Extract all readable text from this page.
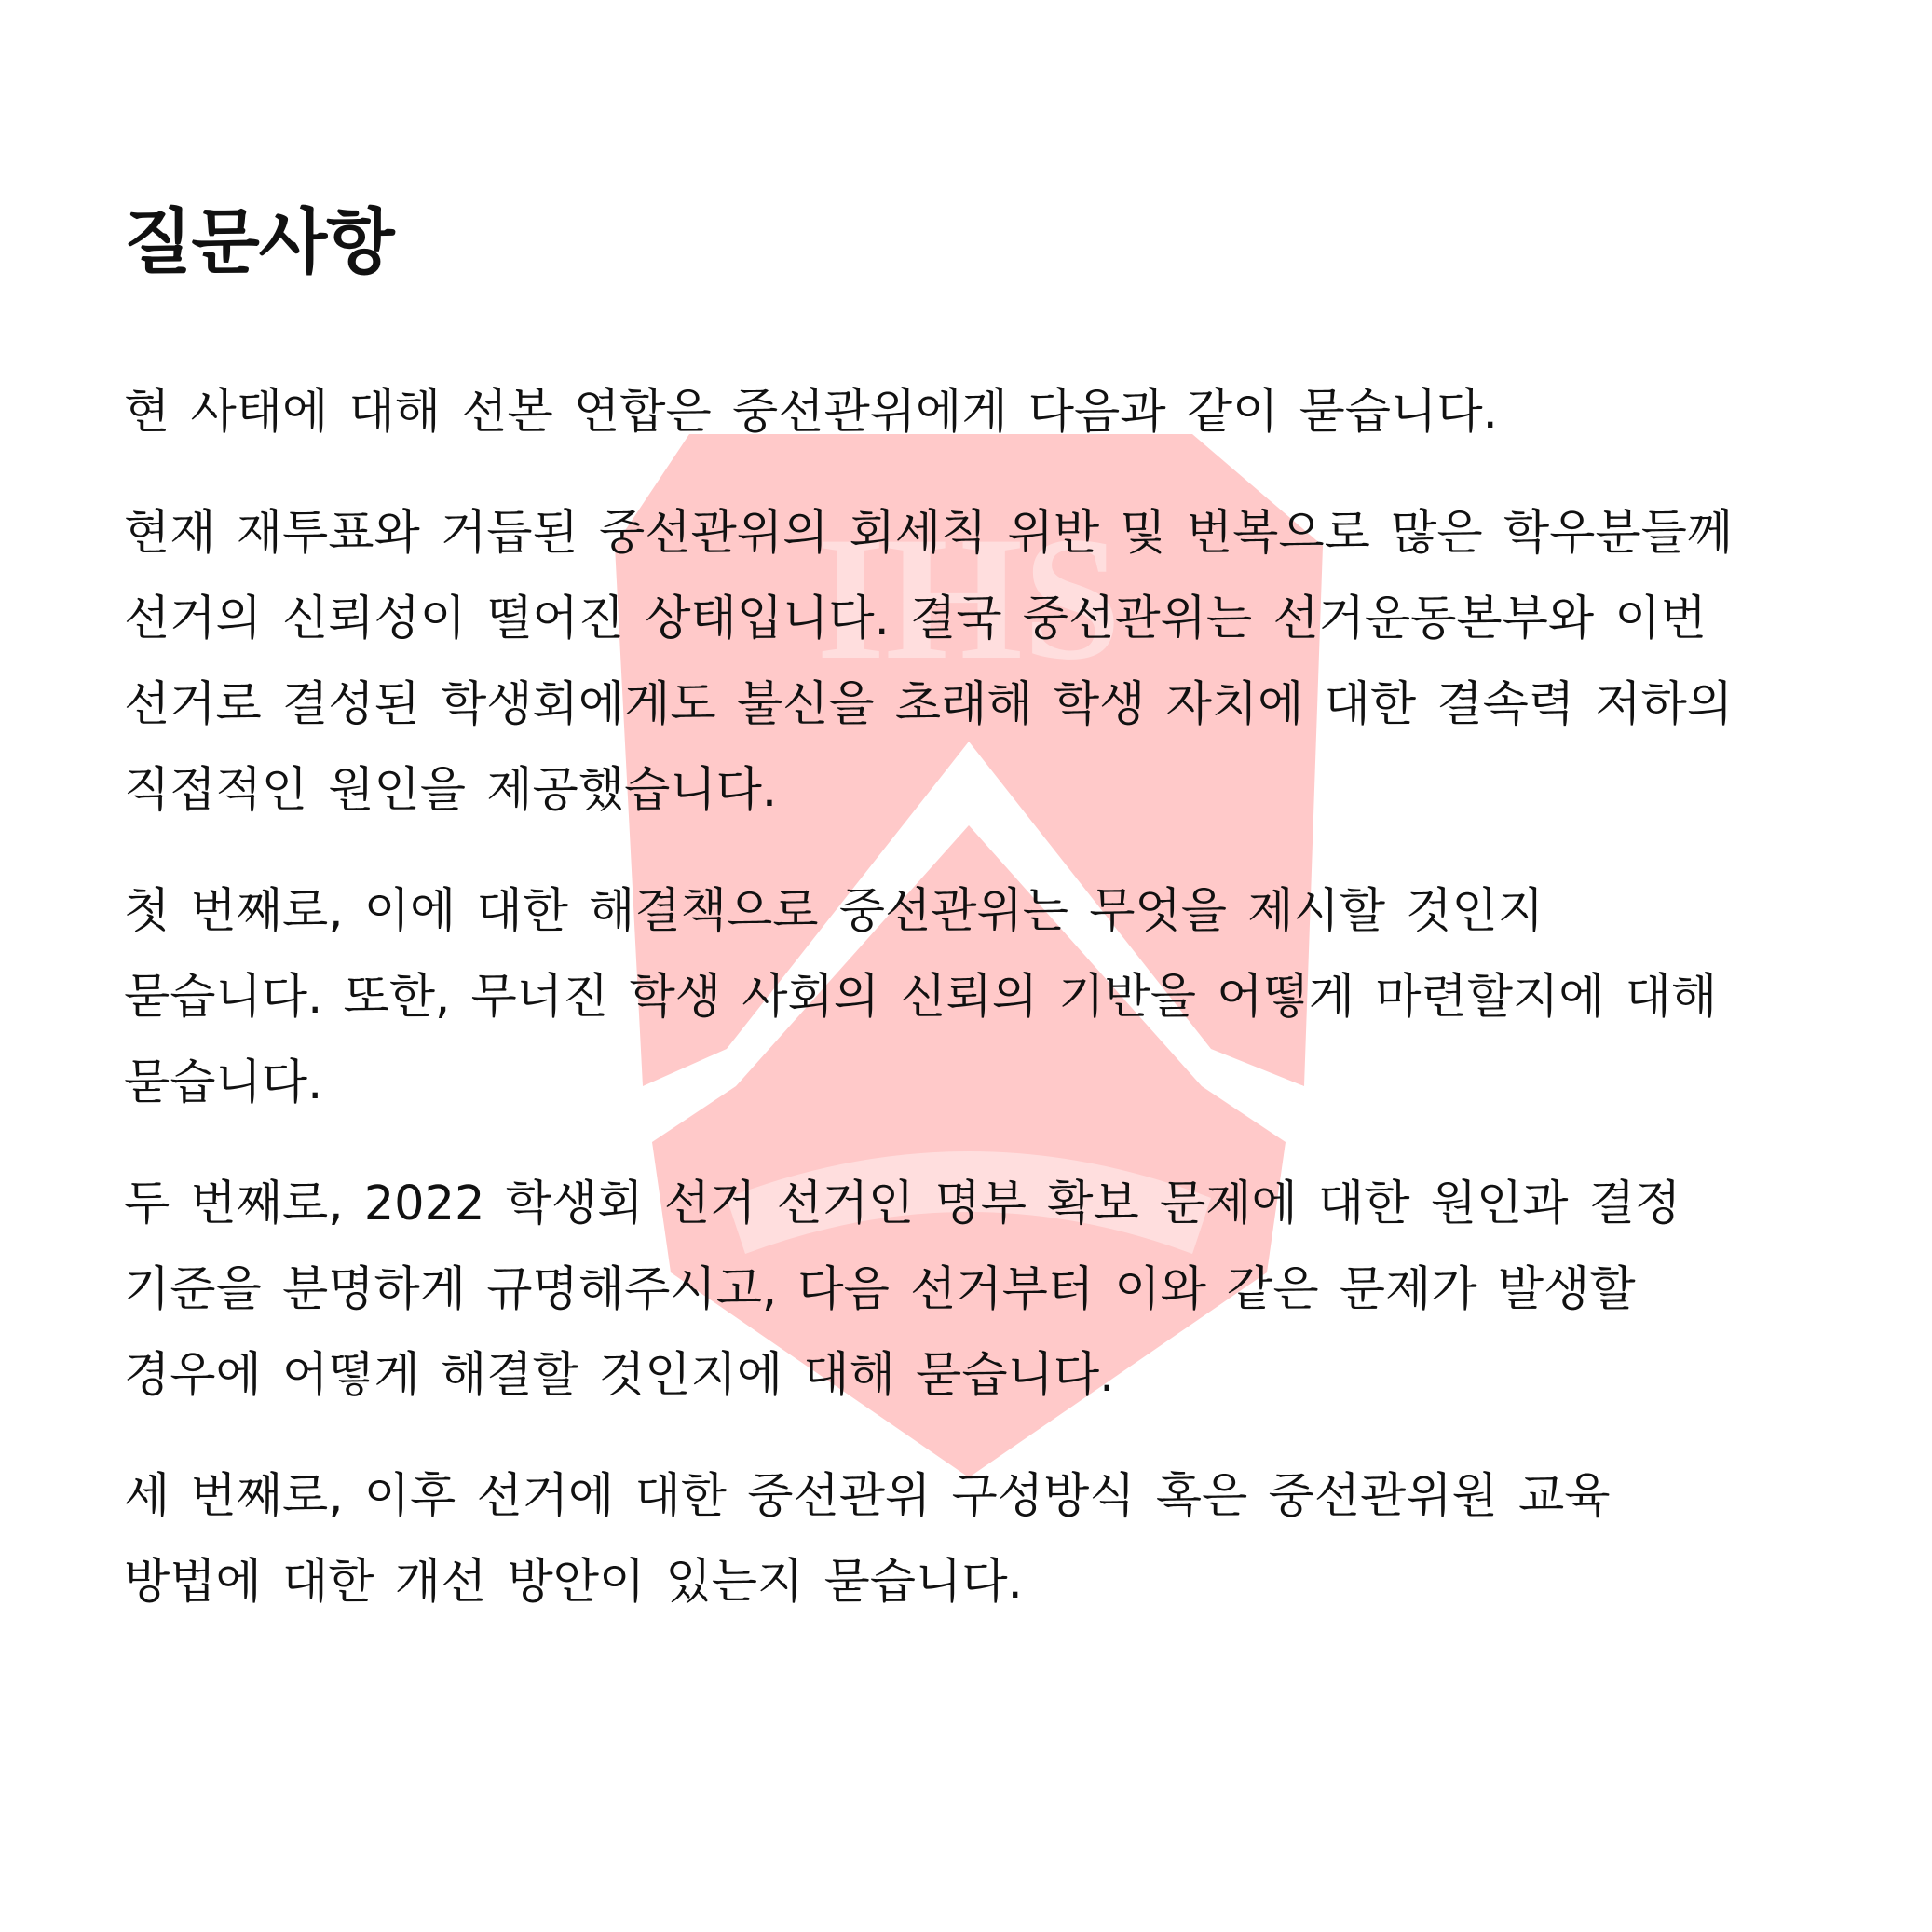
IHS
질문사항

현 사태에 대해 선본 연합은 중선관위에게 다음과 같이 묻습니다.

현재 재투표와 거듭된 중선관위의 회세칙 위반 및 번복으로 많은 학우분들께
선거의 신뢰성이 떨어진 상태입니다. 결국 중선관위는 선거운동본부와 이번
선거로 결성된 학생회에게도 불신을 초래해 학생 자치에 대한 결속력 저하의
직접적인 원인을 제공했습니다.

첫 번째로, 이에 대한 해결책으로 중선관위는 무엇을 제시할 것인지
묻습니다. 또한, 무너진 학생 사회의 신뢰의 기반을 어떻게 마련할지에 대해
묻습니다.

두 번째로, 2022 학생회 선거 선거인 명부 확보 문제에 대한 원인과 결정
기준을 분명하게 규명해주시고, 다음 선거부터 이와 같은 문제가 발생할
경우에 어떻게 해결할 것인지에 대해 묻습니다.

세 번째로, 이후 선거에 대한 중선관위 구성방식 혹은 중선관위원 교육
방법에 대한 개선 방안이 있는지 묻습니다.
